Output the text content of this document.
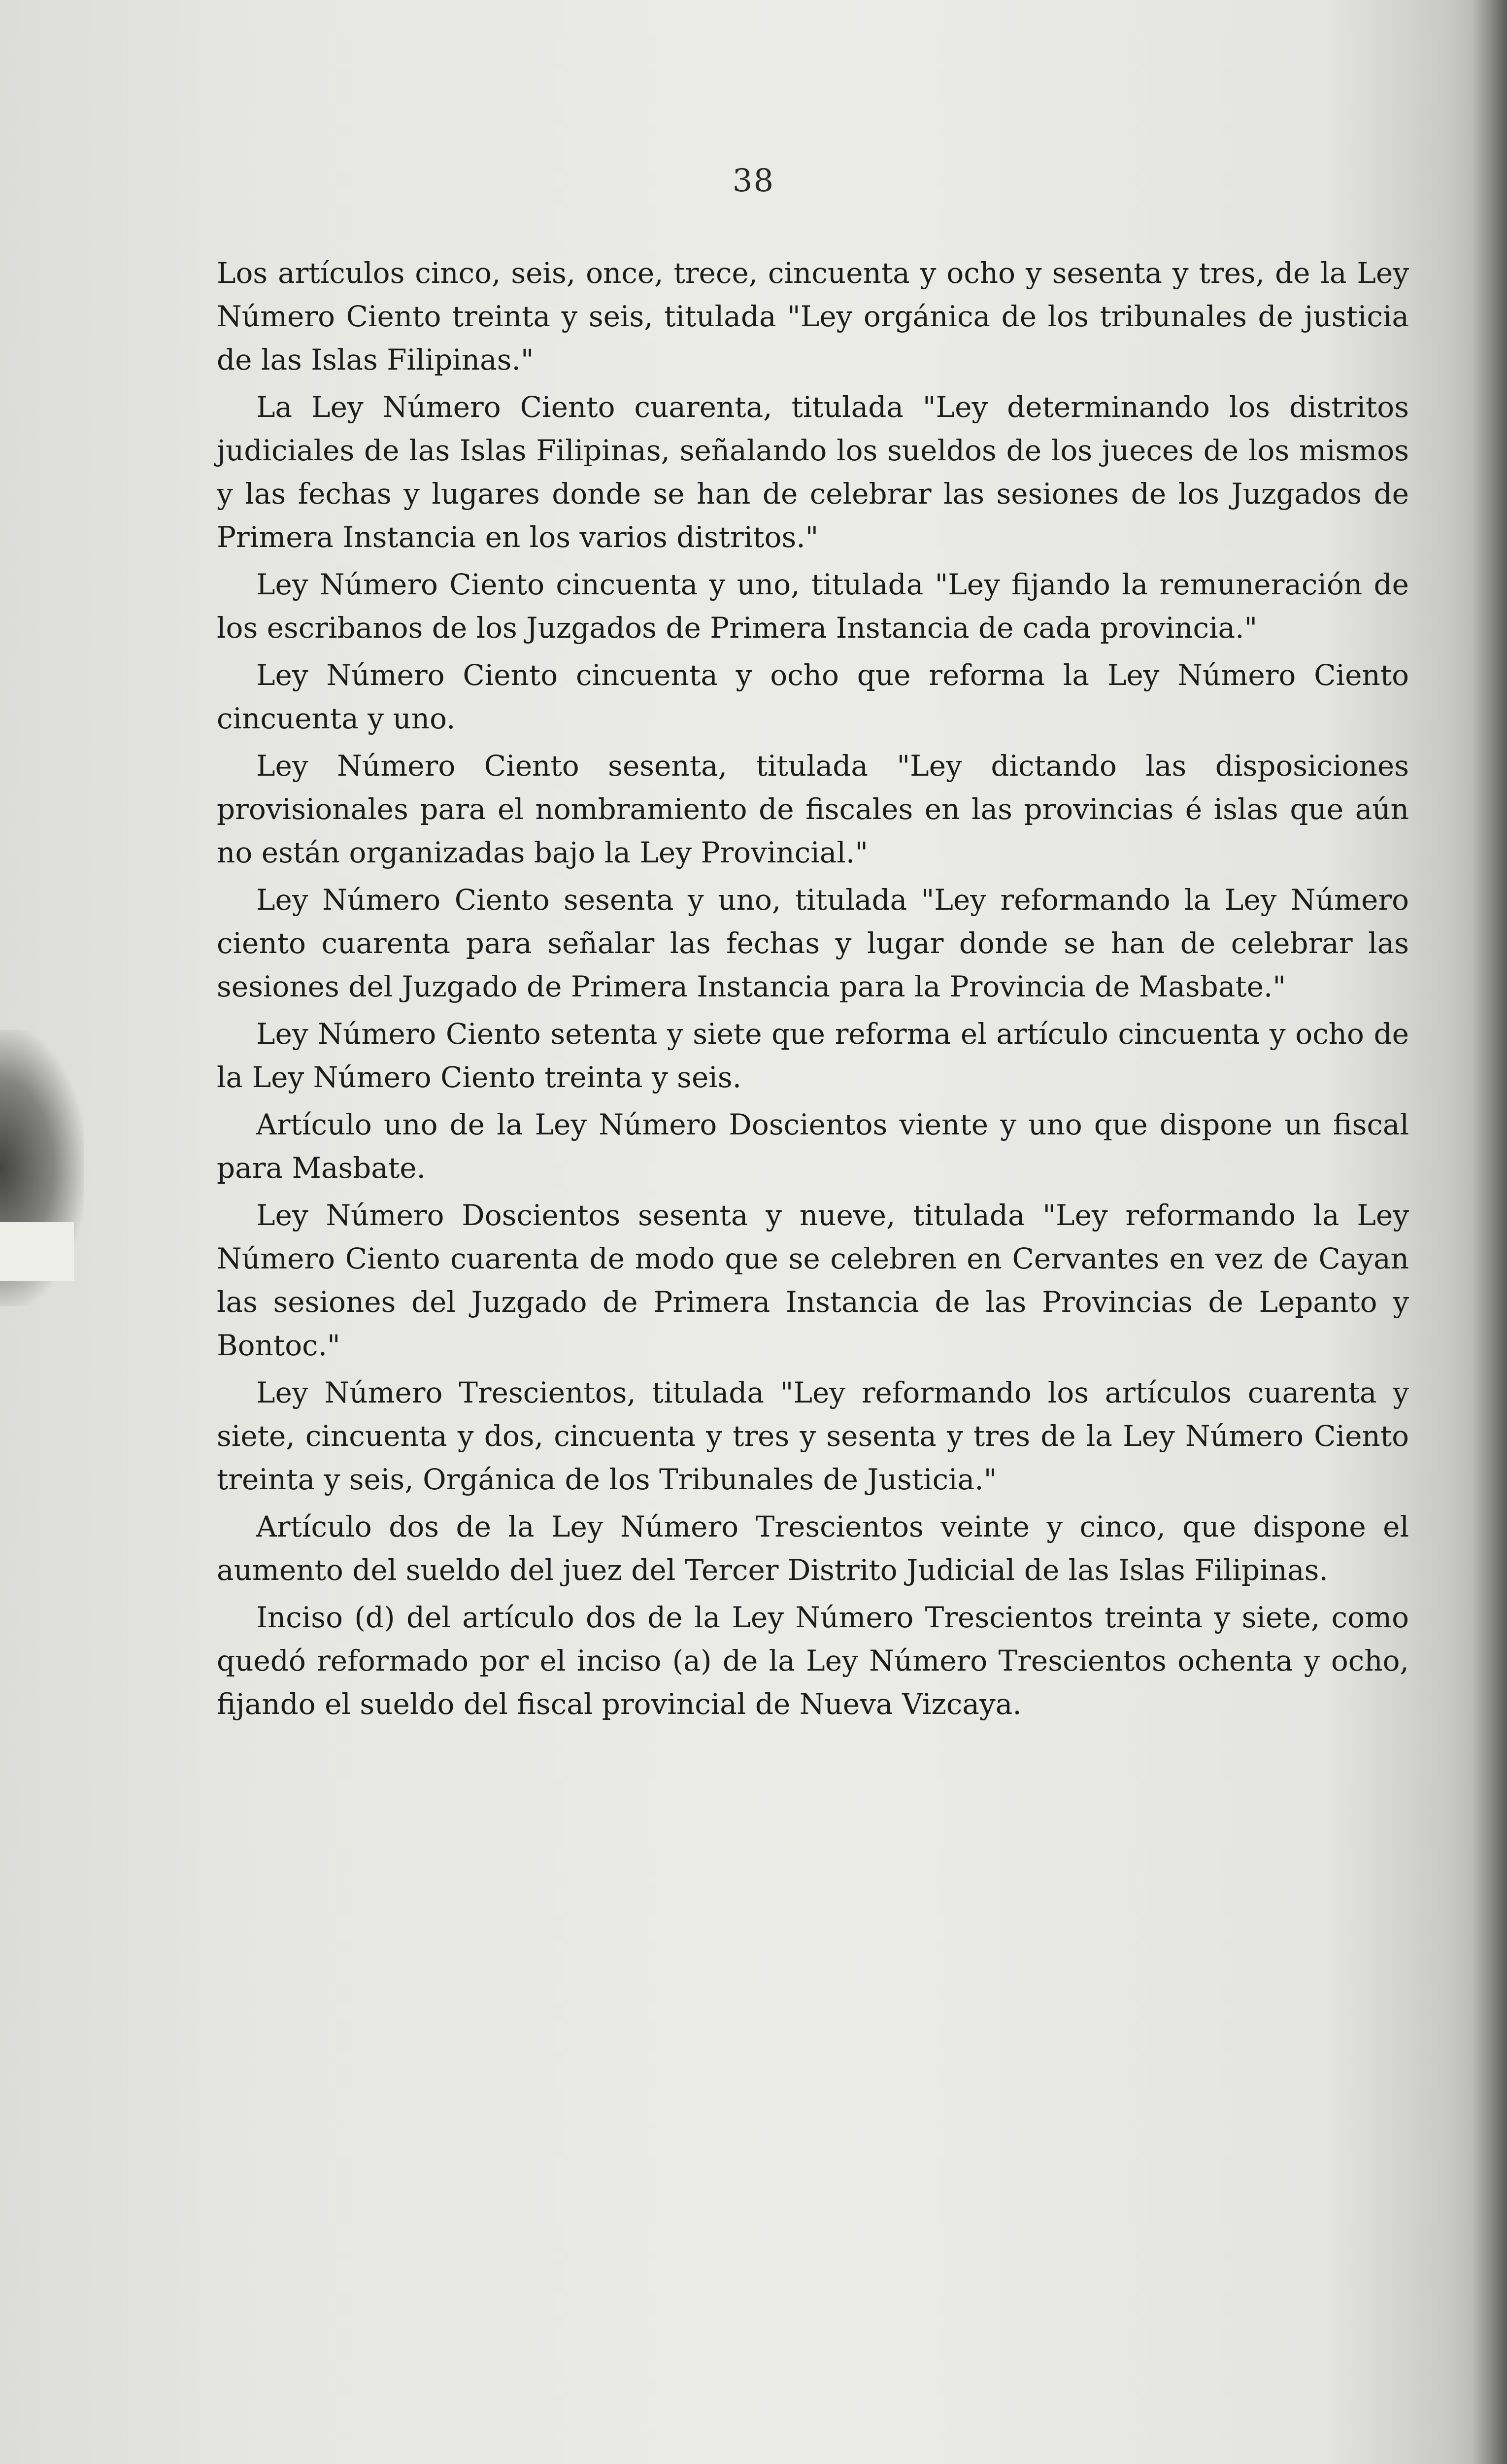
38

Los artículos cinco, seis, once, trece, cincuenta y ocho y sesenta y tres, de la Ley Número Ciento treinta y seis, titulada "Ley orgánica de los tribunales de justicia de las Islas Filipinas."

La Ley Número Ciento cuarenta, titulada "Ley determinando los distritos judiciales de las Islas Filipinas, señalando los sueldos de los jueces de los mismos y las fechas y lugares donde se han de celebrar las sesiones de los Juzgados de Primera Instancia en los varios distritos."

Ley Número Ciento cincuenta y uno, titulada "Ley fijando la remuneración de los escribanos de los Juzgados de Primera Instancia de cada provincia."

Ley Número Ciento cincuenta y ocho que reforma la Ley Número Ciento cincuenta y uno.

Ley Número Ciento sesenta, titulada "Ley dictando las disposiciones provisionales para el nombramiento de fiscales en las provincias é islas que aún no están organizadas bajo la Ley Provincial."

Ley Número Ciento sesenta y uno, titulada "Ley reformando la Ley Número ciento cuarenta para señalar las fechas y lugar donde se han de celebrar las sesiones del Juzgado de Primera Instancia para la Provincia de Masbate."

Ley Número Ciento setenta y siete que reforma el artículo cincuenta y ocho de la Ley Número Ciento treinta y seis.

Artículo uno de la Ley Número Doscientos viente y uno que dispone un fiscal para Masbate.

Ley Número Doscientos sesenta y nueve, titulada "Ley reformando la Ley Número Ciento cuarenta de modo que se celebren en Cervantes en vez de Cayan las sesiones del Juzgado de Primera Instancia de las Provincias de Lepanto y Bontoc."

Ley Número Trescientos, titulada "Ley reformando los artículos cuarenta y siete, cincuenta y dos, cincuenta y tres y sesenta y tres de la Ley Número Ciento treinta y seis, Orgánica de los Tribunales de Justicia."

Artículo dos de la Ley Número Trescientos veinte y cinco, que dispone el aumento del sueldo del juez del Tercer Distrito Judicial de las Islas Filipinas.

Inciso (d) del artículo dos de la Ley Número Trescientos treinta y siete, como quedó reformado por el inciso (a) de la Ley Número Trescientos ochenta y ocho, fijando el sueldo del fiscal provincial de Nueva Vizcaya.
